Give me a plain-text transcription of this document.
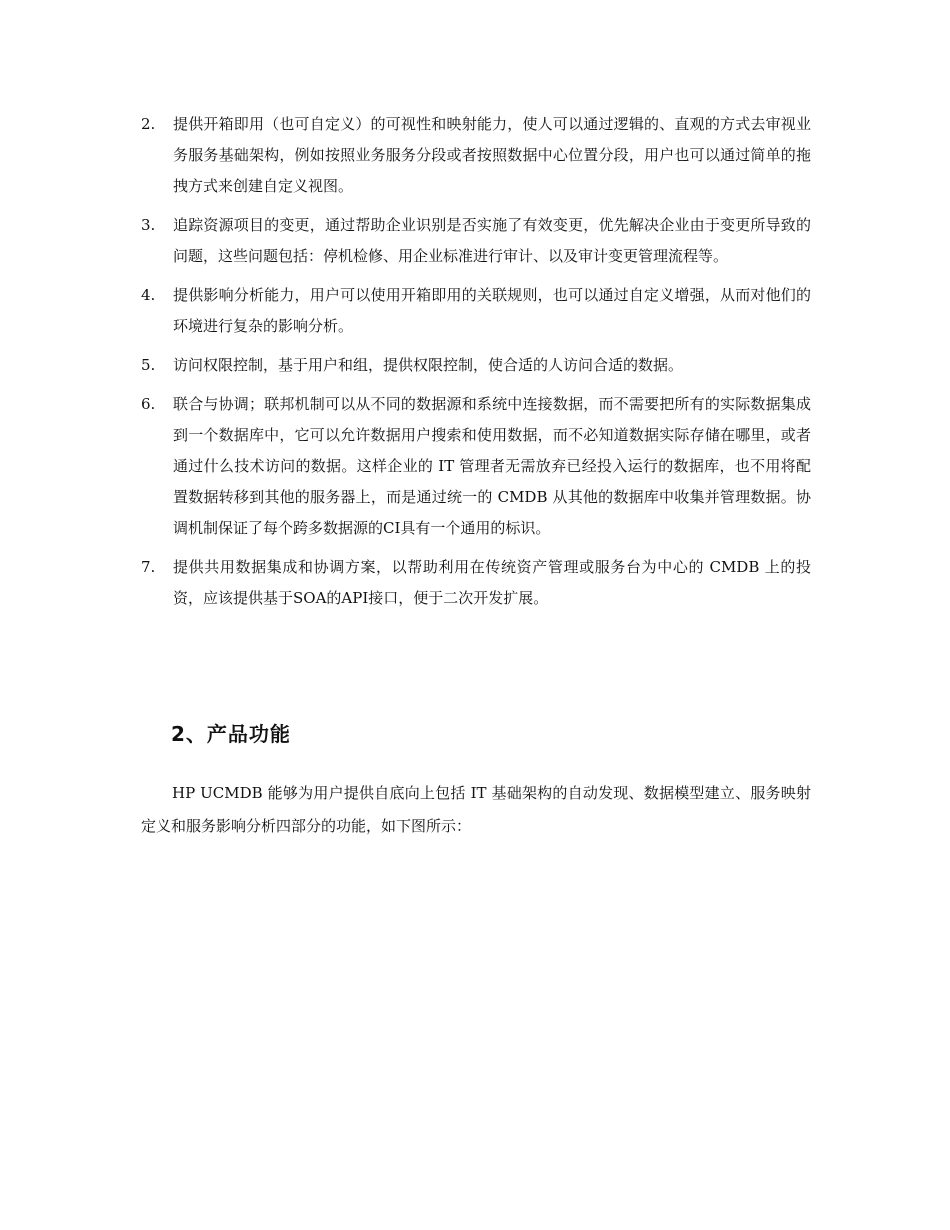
2.	提供开箱即用（也可自定义）的可视性和映射能力，使人可以通过逻辑的、直观的方式去审视业务服务基础架构，例如按照业务服务分段或者按照数据中心位置分段，用户也可以通过简单的拖拽方式来创建自定义视图。
3.	追踪资源项目的变更，通过帮助企业识别是否实施了有效变更，优先解决企业由于变更所导致的问题，这些问题包括：停机检修、用企业标准进行审计、以及审计变更管理流程等。
4.	提供影响分析能力，用户可以使用开箱即用的关联规则，也可以通过自定义增强，从而对他们的环境进行复杂的影响分析。
5.	访问权限控制，基于用户和组，提供权限控制，使合适的人访问合适的数据。
6.	联合与协调；联邦机制可以从不同的数据源和系统中连接数据，而不需要把所有的实际数据集成到一个数据库中，它可以允许数据用户搜索和使用数据，而不必知道数据实际存储在哪里，或者通过什么技术访问的数据。这样企业的 IT 管理者无需放弃已经投入运行的数据库，也不用将配置数据转移到其他的服务器上，而是通过统一的 CMDB 从其他的数据库中收集并管理数据。协调机制保证了每个跨多数据源的CI具有一个通用的标识。
7.	提供共用数据集成和协调方案，以帮助利用在传统资产管理或服务台为中心的 CMDB 上的投资，应该提供基于SOA的API接口，便于二次开发扩展。
2、产品功能

HP UCMDB 能够为用户提供自底向上包括 IT 基础架构的自动发现、数据模型建立、服务映射定义和服务影响分析四部分的功能，如下图所示：
